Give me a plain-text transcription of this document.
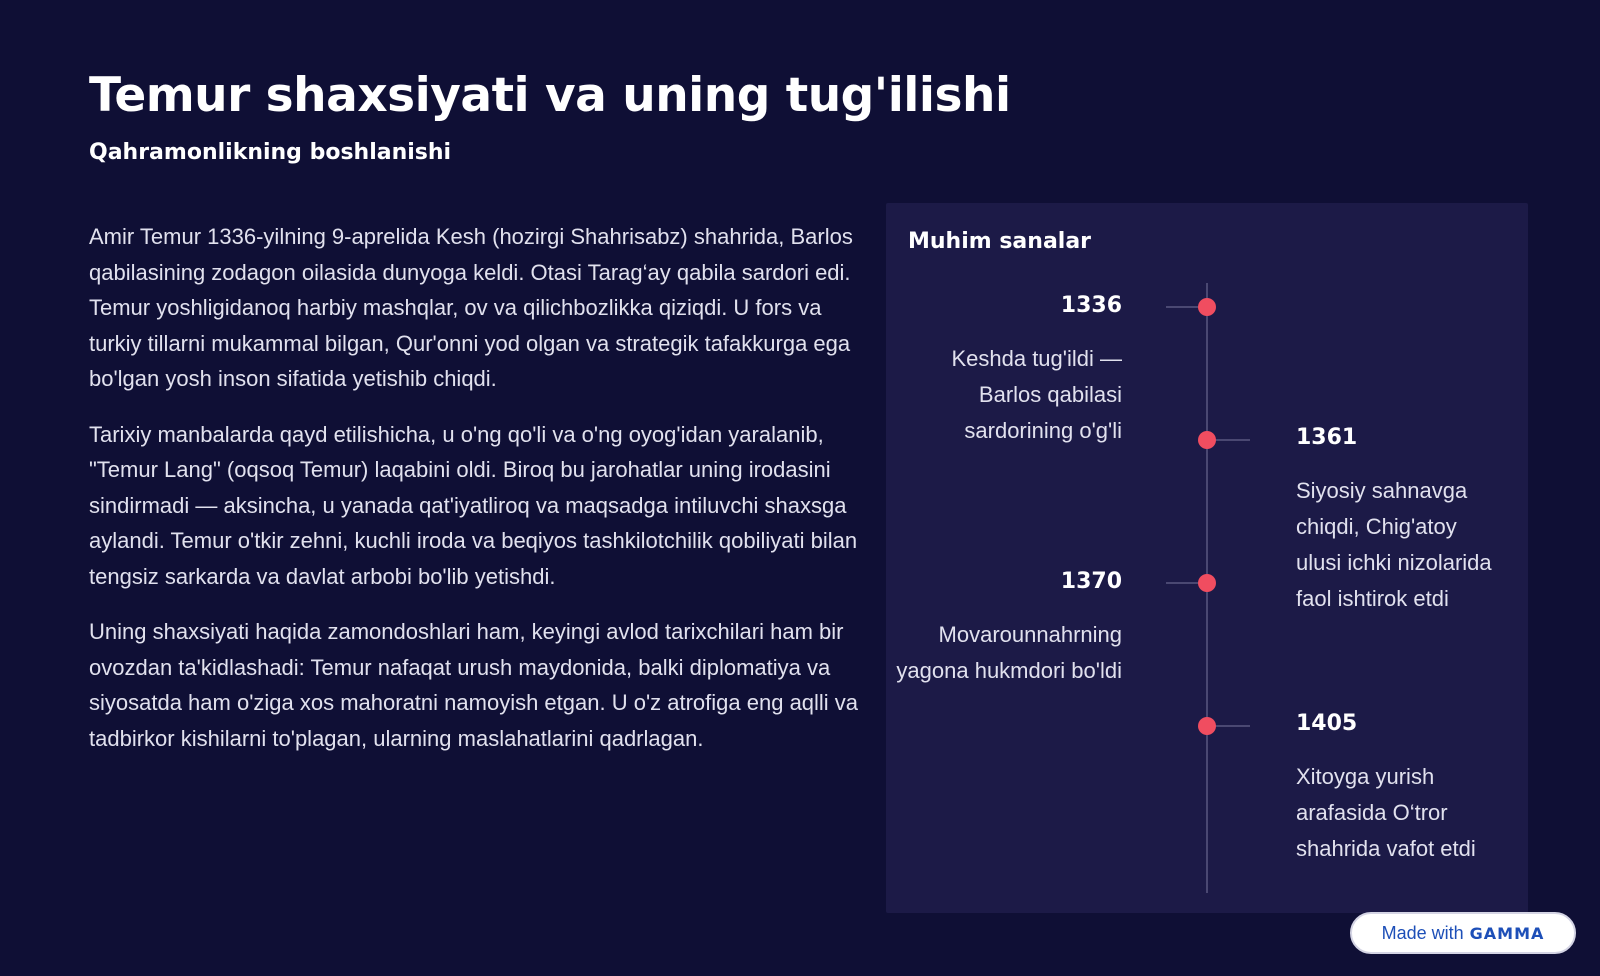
Temur shaxsiyati va uning tug'ilishi
Qahramonlikning boshlanishi

Amir Temur 1336-yilning 9-aprelida Kesh (hozirgi Shahrisabz) shahrida, Barlos qabilasining zodagon oilasida dunyoga keldi. Otasi Tarag‘ay qabila sardori edi. Temur yoshligidanoq harbiy mashqlar, ov va qilichbozlikka qiziqdi. U fors va turkiy tillarni mukammal bilgan, Qur'onni yod olgan va strategik tafakkurga ega bo'lgan yosh inson sifatida yetishib chiqdi.

Tarixiy manbalarda qayd etilishicha, u o'ng qo'li va o'ng oyog'idan yaralanib, "Temur Lang" (oqsoq Temur) laqabini oldi. Biroq bu jarohatlar uning irodasini sindirmadi — aksincha, u yanada qat'iyatliroq va maqsadga intiluvchi shaxsga aylandi. Temur o'tkir zehni, kuchli iroda va beqiyos tashkilotchilik qobiliyati bilan tengsiz sarkarda va davlat arbobi bo'lib yetishdi.

Uning shaxsiyati haqida zamondoshlari ham, keyingi avlod tarixchilari ham bir ovozdan ta'kidlashadi: Temur nafaqat urush maydonida, balki diplomatiya va siyosatda ham o'ziga xos mahoratni namoyish etgan. U o'z atrofiga eng aqlli va tadbirkor kishilarni to'plagan, ularning maslahatlarini qadrlagan.

Muhim sanalar
1336
Keshda tug'ildi — Barlos qabilasi sardorining o'g'li	1361
Siyosiy sahnavga chiqdi, Chig'atoy ulusi ichki nizolarida faol ishtirok etdi
1370
Movarounnahrning yagona hukmdori bo'ldi
1405
Xitoyga yurish arafasida O‘tror shahrida vafot etdi
Made with GAMMA
